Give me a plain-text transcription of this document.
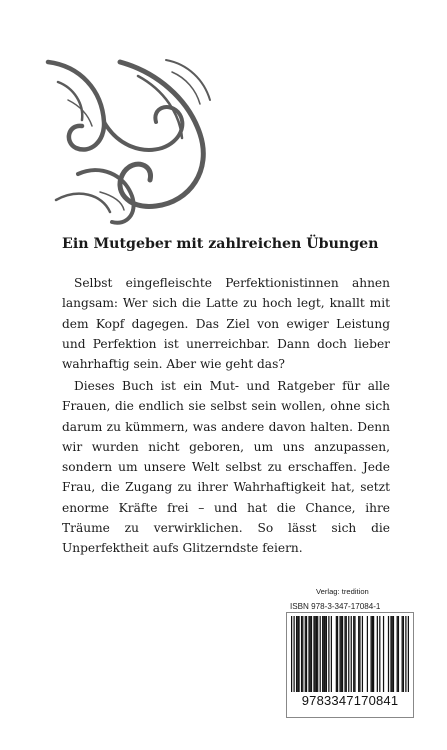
Ein Mutgeber mit zahlreichen Übungen

Selbst eingefleischte Perfektionistinnen ahnen langsam: Wer sich die Latte zu hoch legt, knallt mit dem Kopf dagegen. Das Ziel von ewiger Leistung und Perfektion ist unerreichbar. Dann doch lieber wahrhaftig sein. Aber wie geht das?

Dieses Buch ist ein Mut- und Ratgeber für alle Frauen, die endlich sie selbst sein wollen, ohne sich darum zu kümmern, was andere davon halten. Denn wir wurden nicht geboren, um uns anzupassen, sondern um unsere Welt selbst zu erschaffen. Jede Frau, die Zugang zu ihrer Wahrhaftigkeit hat, setzt enorme Kräfte frei – und hat die Chance, ihre Träume zu verwirklichen. So lässt sich die Unperfektheit aufs Glitzerndste feiern.

Verlag: tredition
ISBN 978-3-347-17084-1
9783347170841
